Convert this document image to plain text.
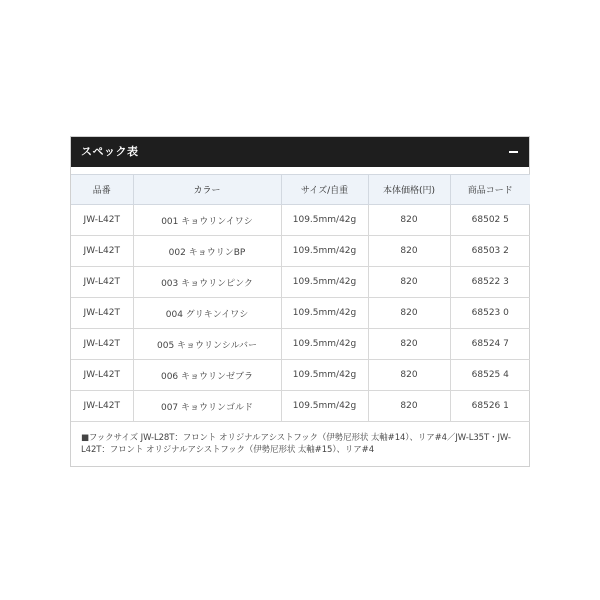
スペック表
品番	カラー	サイズ/自重	本体価格(円)	商品コード
JW-L42T	001 キョウリンイワシ	109.5mm/42g	820	68502 5
JW-L42T	002 キョウリンBP	109.5mm/42g	820	68503 2
JW-L42T	003 キョウリンピンク	109.5mm/42g	820	68522 3
JW-L42T	004 グリキンイワシ	109.5mm/42g	820	68523 0
JW-L42T	005 キョウリンシルバー	109.5mm/42g	820	68524 7
JW-L42T	006 キョウリンゼブラ	109.5mm/42g	820	68525 4
JW-L42T	007 キョウリンゴルド	109.5mm/42g	820	68526 1
■フックサイズ JW-L28T：フロント オリジナルアシストフック（伊勢尼形状 太軸#14）、リア#4／JW-L35T・JW-L42T：フロント オリジナルアシストフック（伊勢尼形状 太軸#15）、リア#4
